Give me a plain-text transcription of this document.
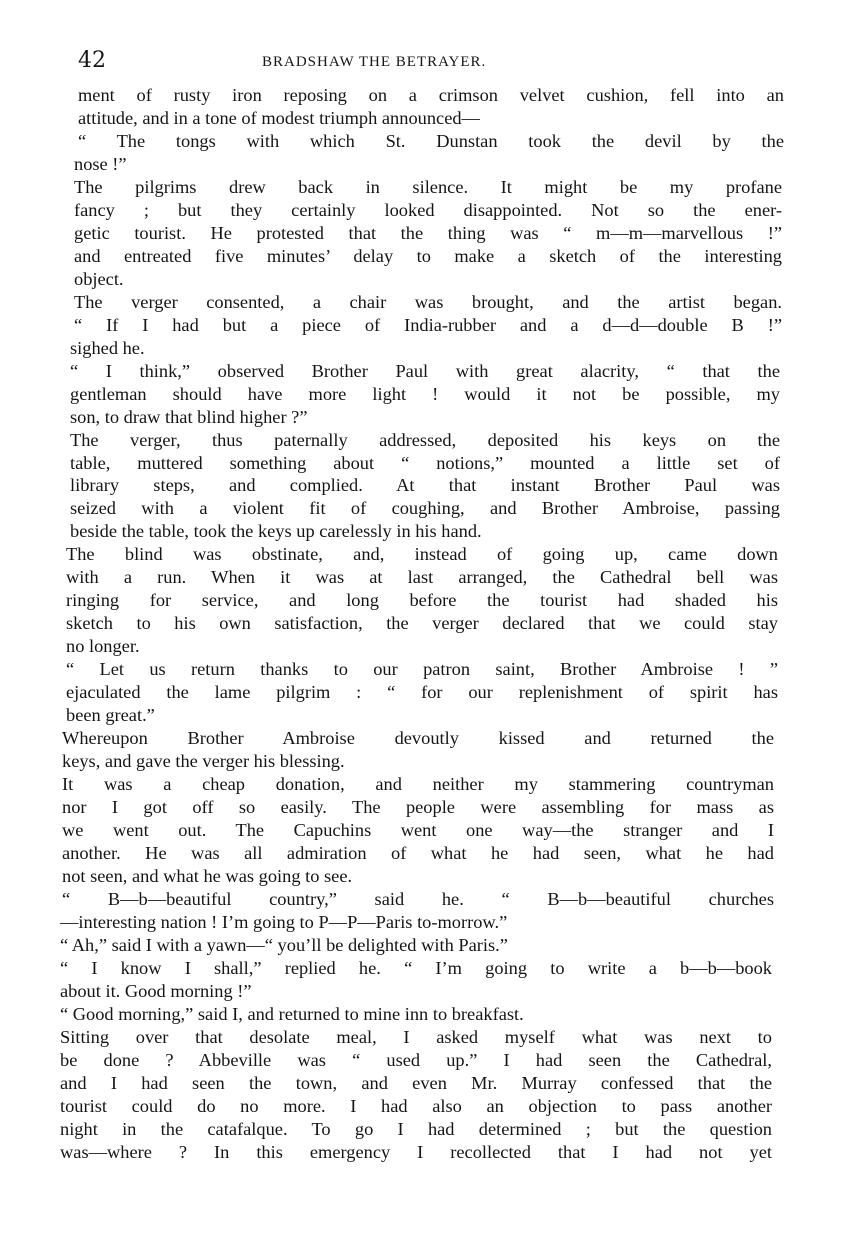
42	BRADSHAW THE BETRAYER.
ment of rusty iron reposing on a crimson velvet cushion, fell into an
attitude, and in a tone of modest triumph announced—
“ The tongs with which St. Dunstan took the devil by the
nose !”
The pilgrims drew back in silence. It might be my profane
fancy ; but they certainly looked disappointed. Not so the ener-
getic tourist. He protested that the thing was “ m—m—marvellous !”
and entreated five minutes’ delay to make a sketch of the interesting
object.
The verger consented, a chair was brought, and the artist began.
“ If I had but a piece of India-rubber and a d—d—double B !”
sighed he.
“ I think,” observed Brother Paul with great alacrity, “ that the
gentleman should have more light ! would it not be possible, my
son, to draw that blind higher ?”
The verger, thus paternally addressed, deposited his keys on the
table, muttered something about “ notions,” mounted a little set of
library steps, and complied. At that instant Brother Paul was
seized with a violent fit of coughing, and Brother Ambroise, passing
beside the table, took the keys up carelessly in his hand.
The blind was obstinate, and, instead of going up, came down
with a run. When it was at last arranged, the Cathedral bell was
ringing for service, and long before the tourist had shaded his
sketch to his own satisfaction, the verger declared that we could stay
no longer.
“ Let us return thanks to our patron saint, Brother Ambroise ! ”
ejaculated the lame pilgrim : “ for our replenishment of spirit has
been great.”
Whereupon Brother Ambroise devoutly kissed and returned the
keys, and gave the verger his blessing.
It was a cheap donation, and neither my stammering countryman
nor I got off so easily. The people were assembling for mass as
we went out. The Capuchins went one way—the stranger and I
another. He was all admiration of what he had seen, what he had
not seen, and what he was going to see.
“ B—b—beautiful country,” said he. “ B—b—beautiful churches
—interesting nation ! I’m going to P—P—Paris to-morrow.”
“ Ah,” said I with a yawn—“ you’ll be delighted with Paris.”
“ I know I shall,” replied he. “ I’m going to write a b—b—book
about it. Good morning !”
“ Good morning,” said I, and returned to mine inn to breakfast.
Sitting over that desolate meal, I asked myself what was next to
be done ? Abbeville was “ used up.” I had seen the Cathedral,
and I had seen the town, and even Mr. Murray confessed that the
tourist could do no more. I had also an objection to pass another
night in the catafalque. To go I had determined ; but the question
was—where ? In this emergency I recollected that I had not yet
